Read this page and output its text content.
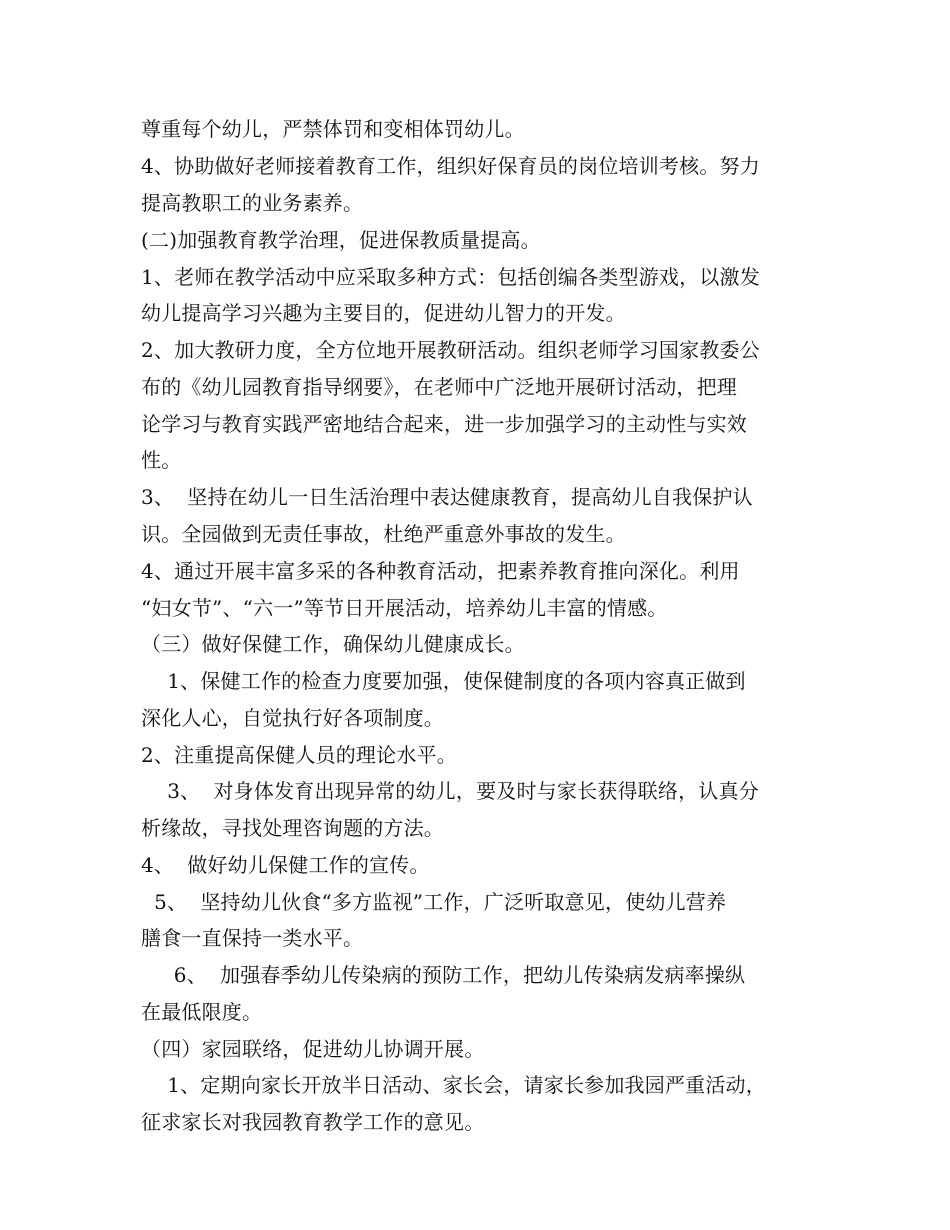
尊重每个幼儿，严禁体罚和变相体罚幼儿。
4、协助做好老师接着教育工作，组织好保育员的岗位培训考核。努力
提高教职工的业务素养。
(二)加强教育教学治理，促进保教质量提高。
1、老师在教学活动中应采取多种方式：包括创编各类型游戏，以激发
幼儿提高学习兴趣为主要目的，促进幼儿智力的开发。
2、加大教研力度，全方位地开展教研活动。组织老师学习国家教委公
布的《幼儿园教育指导纲要》，在老师中广泛地开展研讨活动，把理
论学习与教育实践严密地结合起来，进一步加强学习的主动性与实效
性。
3、  坚持在幼儿一日生活治理中表达健康教育，提高幼儿自我保护认
识。全园做到无责任事故，杜绝严重意外事故的发生。
4、通过开展丰富多采的各种教育活动，把素养教育推向深化。利用
“妇女节”、“六一”等节日开展活动，培养幼儿丰富的情感。
（三）做好保健工作，确保幼儿健康成长。
1、保健工作的检查力度要加强，使保健制度的各项内容真正做到
深化人心，自觉执行好各项制度。
2、注重提高保健人员的理论水平。
3、  对身体发育出现异常的幼儿，要及时与家长获得联络，认真分
析缘故，寻找处理咨询题的方法。
4、  做好幼儿保健工作的宣传。
5、  坚持幼儿伙食“多方监视”工作，广泛听取意见，使幼儿营养
膳食一直保持一类水平。
6、  加强春季幼儿传染病的预防工作，把幼儿传染病发病率操纵
在最低限度。
（四）家园联络，促进幼儿协调开展。
1、定期向家长开放半日活动、家长会，请家长参加我园严重活动，
征求家长对我园教育教学工作的意见。
